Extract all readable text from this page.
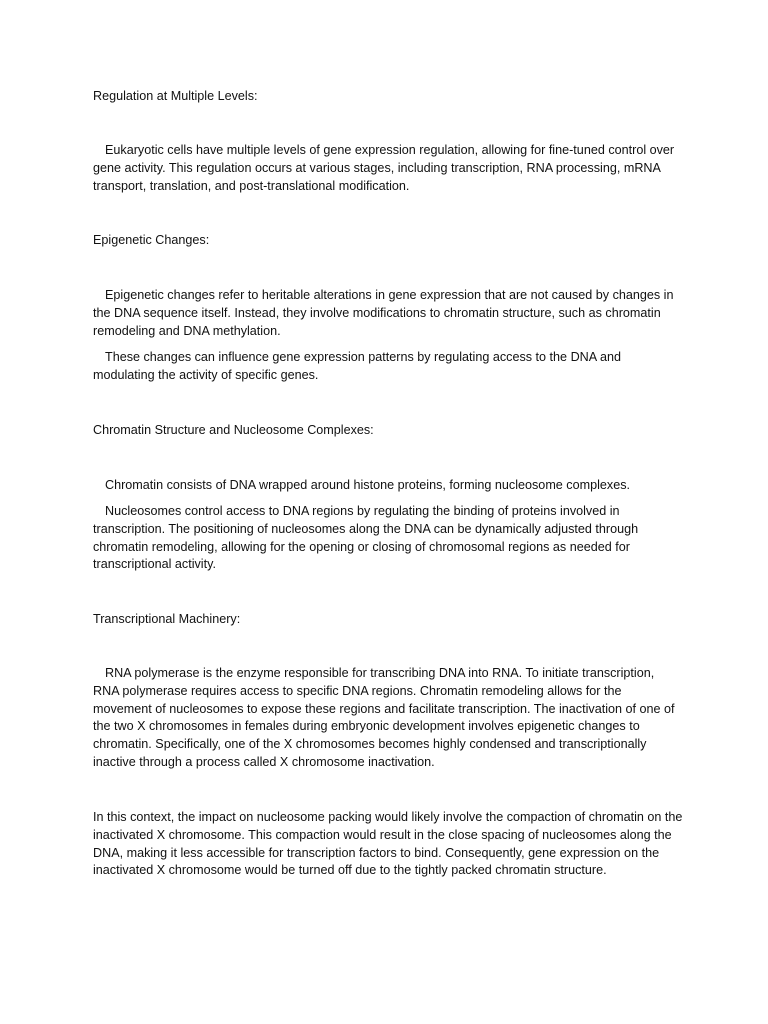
Regulation at Multiple Levels:

Eukaryotic cells have multiple levels of gene expression regulation, allowing for fine-tuned control over gene activity. This regulation occurs at various stages, including transcription, RNA processing, mRNA transport, translation, and post-translational modification.

Epigenetic Changes:

Epigenetic changes refer to heritable alterations in gene expression that are not caused by changes in the DNA sequence itself. Instead, they involve modifications to chromatin structure, such as chromatin remodeling and DNA methylation.

These changes can influence gene expression patterns by regulating access to the DNA and modulating the activity of specific genes.

Chromatin Structure and Nucleosome Complexes:

Chromatin consists of DNA wrapped around histone proteins, forming nucleosome complexes.

Nucleosomes control access to DNA regions by regulating the binding of proteins involved in transcription. The positioning of nucleosomes along the DNA can be dynamically adjusted through chromatin remodeling, allowing for the opening or closing of chromosomal regions as needed for transcriptional activity.

Transcriptional Machinery:

RNA polymerase is the enzyme responsible for transcribing DNA into RNA. To initiate transcription, RNA polymerase requires access to specific DNA regions. Chromatin remodeling allows for the movement of nucleosomes to expose these regions and facilitate transcription. The inactivation of one of the two X chromosomes in females during embryonic development involves epigenetic changes to chromatin. Specifically, one of the X chromosomes becomes highly condensed and transcriptionally inactive through a process called X chromosome inactivation.

In this context, the impact on nucleosome packing would likely involve the compaction of chromatin on the inactivated X chromosome. This compaction would result in the close spacing of nucleosomes along the DNA, making it less accessible for transcription factors to bind. Consequently, gene expression on the inactivated X chromosome would be turned off due to the tightly packed chromatin structure.
